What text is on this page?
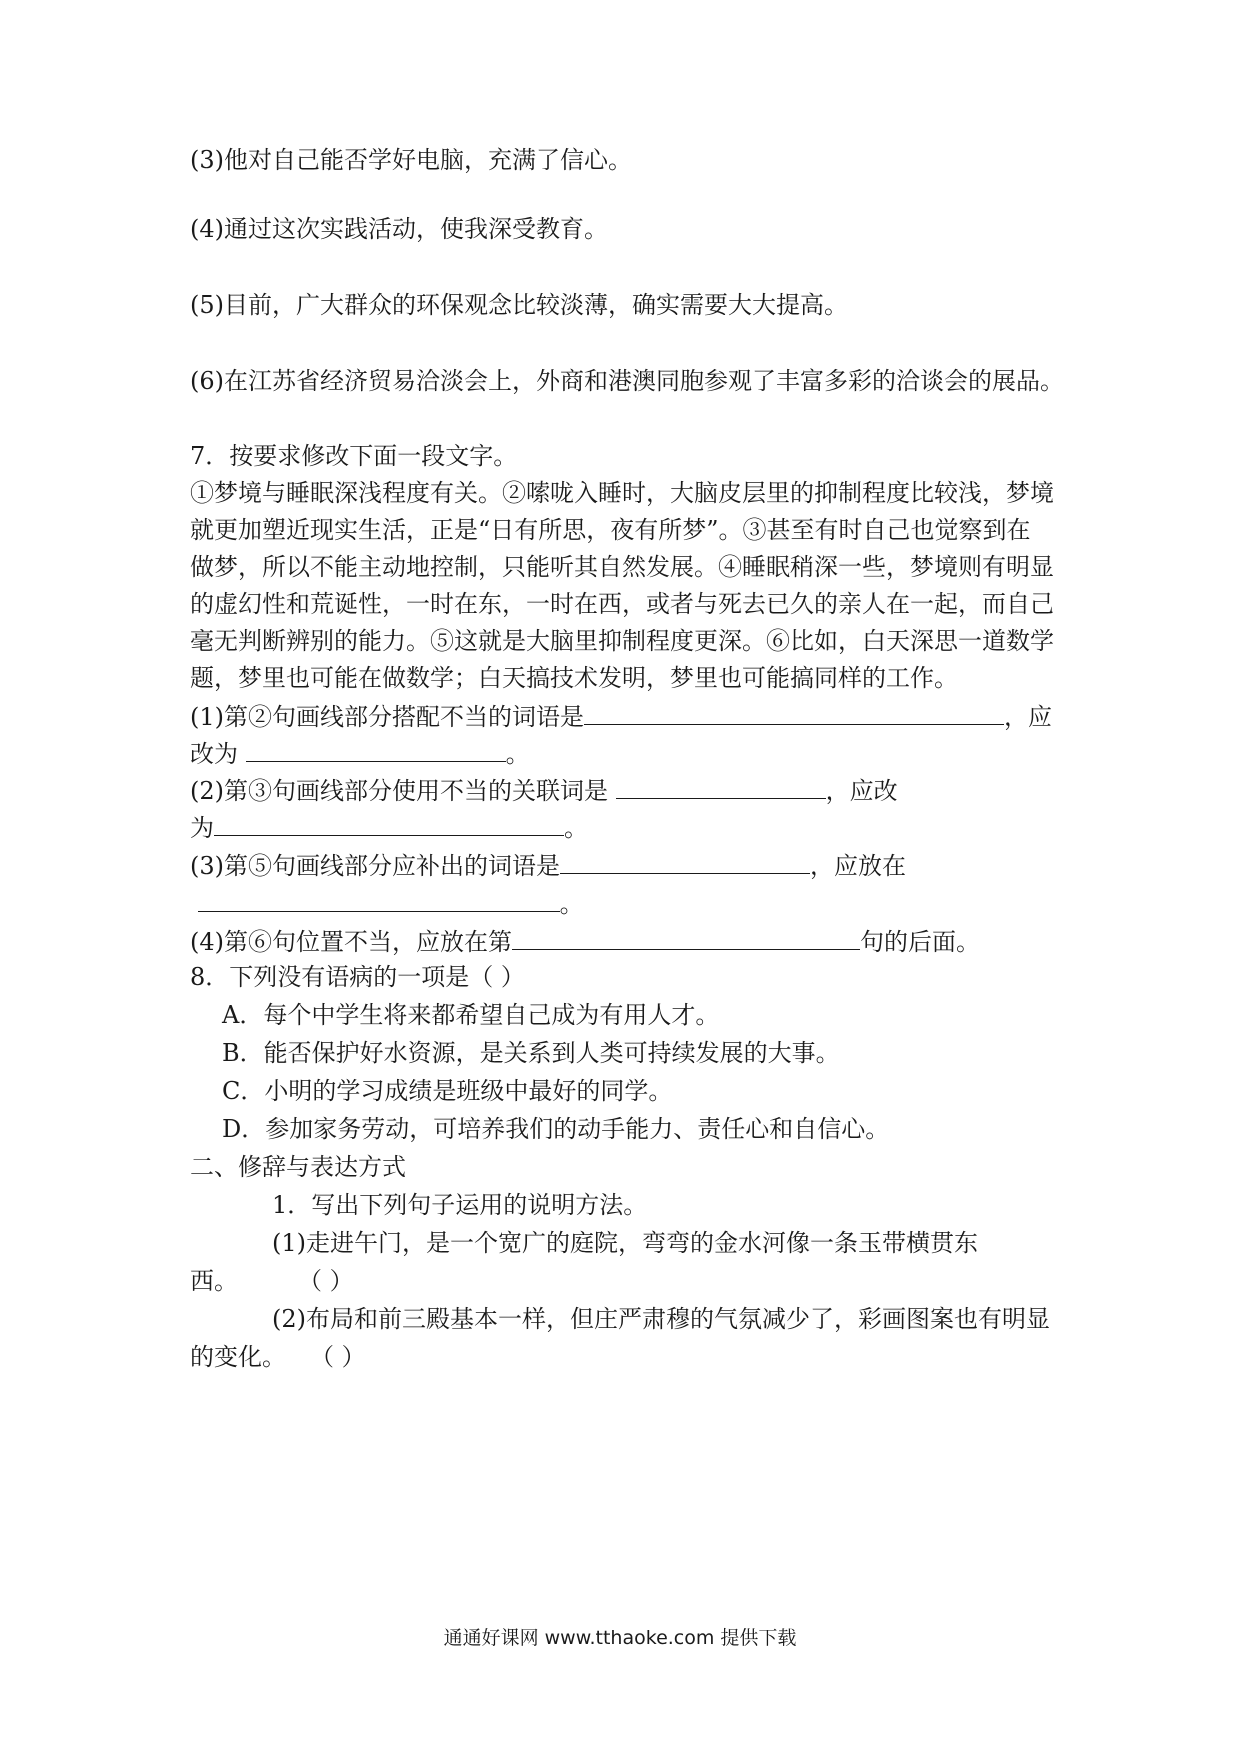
(3)他对自己能否学好电脑，充满了信心。
(4)通过这次实践活动，使我深受教育。
(5)目前，广大群众的环保观念比较淡薄，确实需要大大提高。
(6)在江苏省经济贸易洽淡会上，外商和港澳同胞参观了丰富多彩的洽谈会的展品。
7．按要求修改下面一段文字。
①梦境与睡眠深浅程度有关。②嗦咙入睡时，大脑皮层里的抑制程度比较浅，梦境
就更加塑近现实生活，正是“日有所思，夜有所梦”。③甚至有时自己也觉察到在
做梦，所以不能主动地控制，只能听其自然发展。④睡眠稍深一些，梦境则有明显
的虚幻性和荒诞性，一时在东，一时在西，或者与死去已久的亲人在一起，而自己
毫无判断辨别的能力。⑤这就是大脑里抑制程度更深。⑥比如，白天深思一道数学
题，梦里也可能在做数学；白天搞技术发明，梦里也可能搞同样的工作。
(1)第②句画线部分搭配不当的词语是	，应
改为	。
(2)第③句画线部分使用不当的关联词是	，应改
为	。
(3)第⑤句画线部分应补出的词语是	，应放在
。
(4)第⑥句位置不当，应放在第	句的后面。
8．下列没有语病的一项是（ ）
A．每个中学生将来都希望自己成为有用人才。
B．能否保护好水资源，是关系到人类可持续发展的大事。
C．小明的学习成绩是班级中最好的同学。
D．参加家务劳动，可培养我们的动手能力、责任心和自信心。
二、修辞与表达方式
1．写出下列句子运用的说明方法。
(1)走进午门，是一个宽广的庭院，弯弯的金水河像一条玉带横贯东
西。	（ ）
(2)布局和前三殿基本一样，但庄严肃穆的气氛减少了，彩画图案也有明显
的变化。 （ ）
通通好课网 www.tthaoke.com 提供下载
